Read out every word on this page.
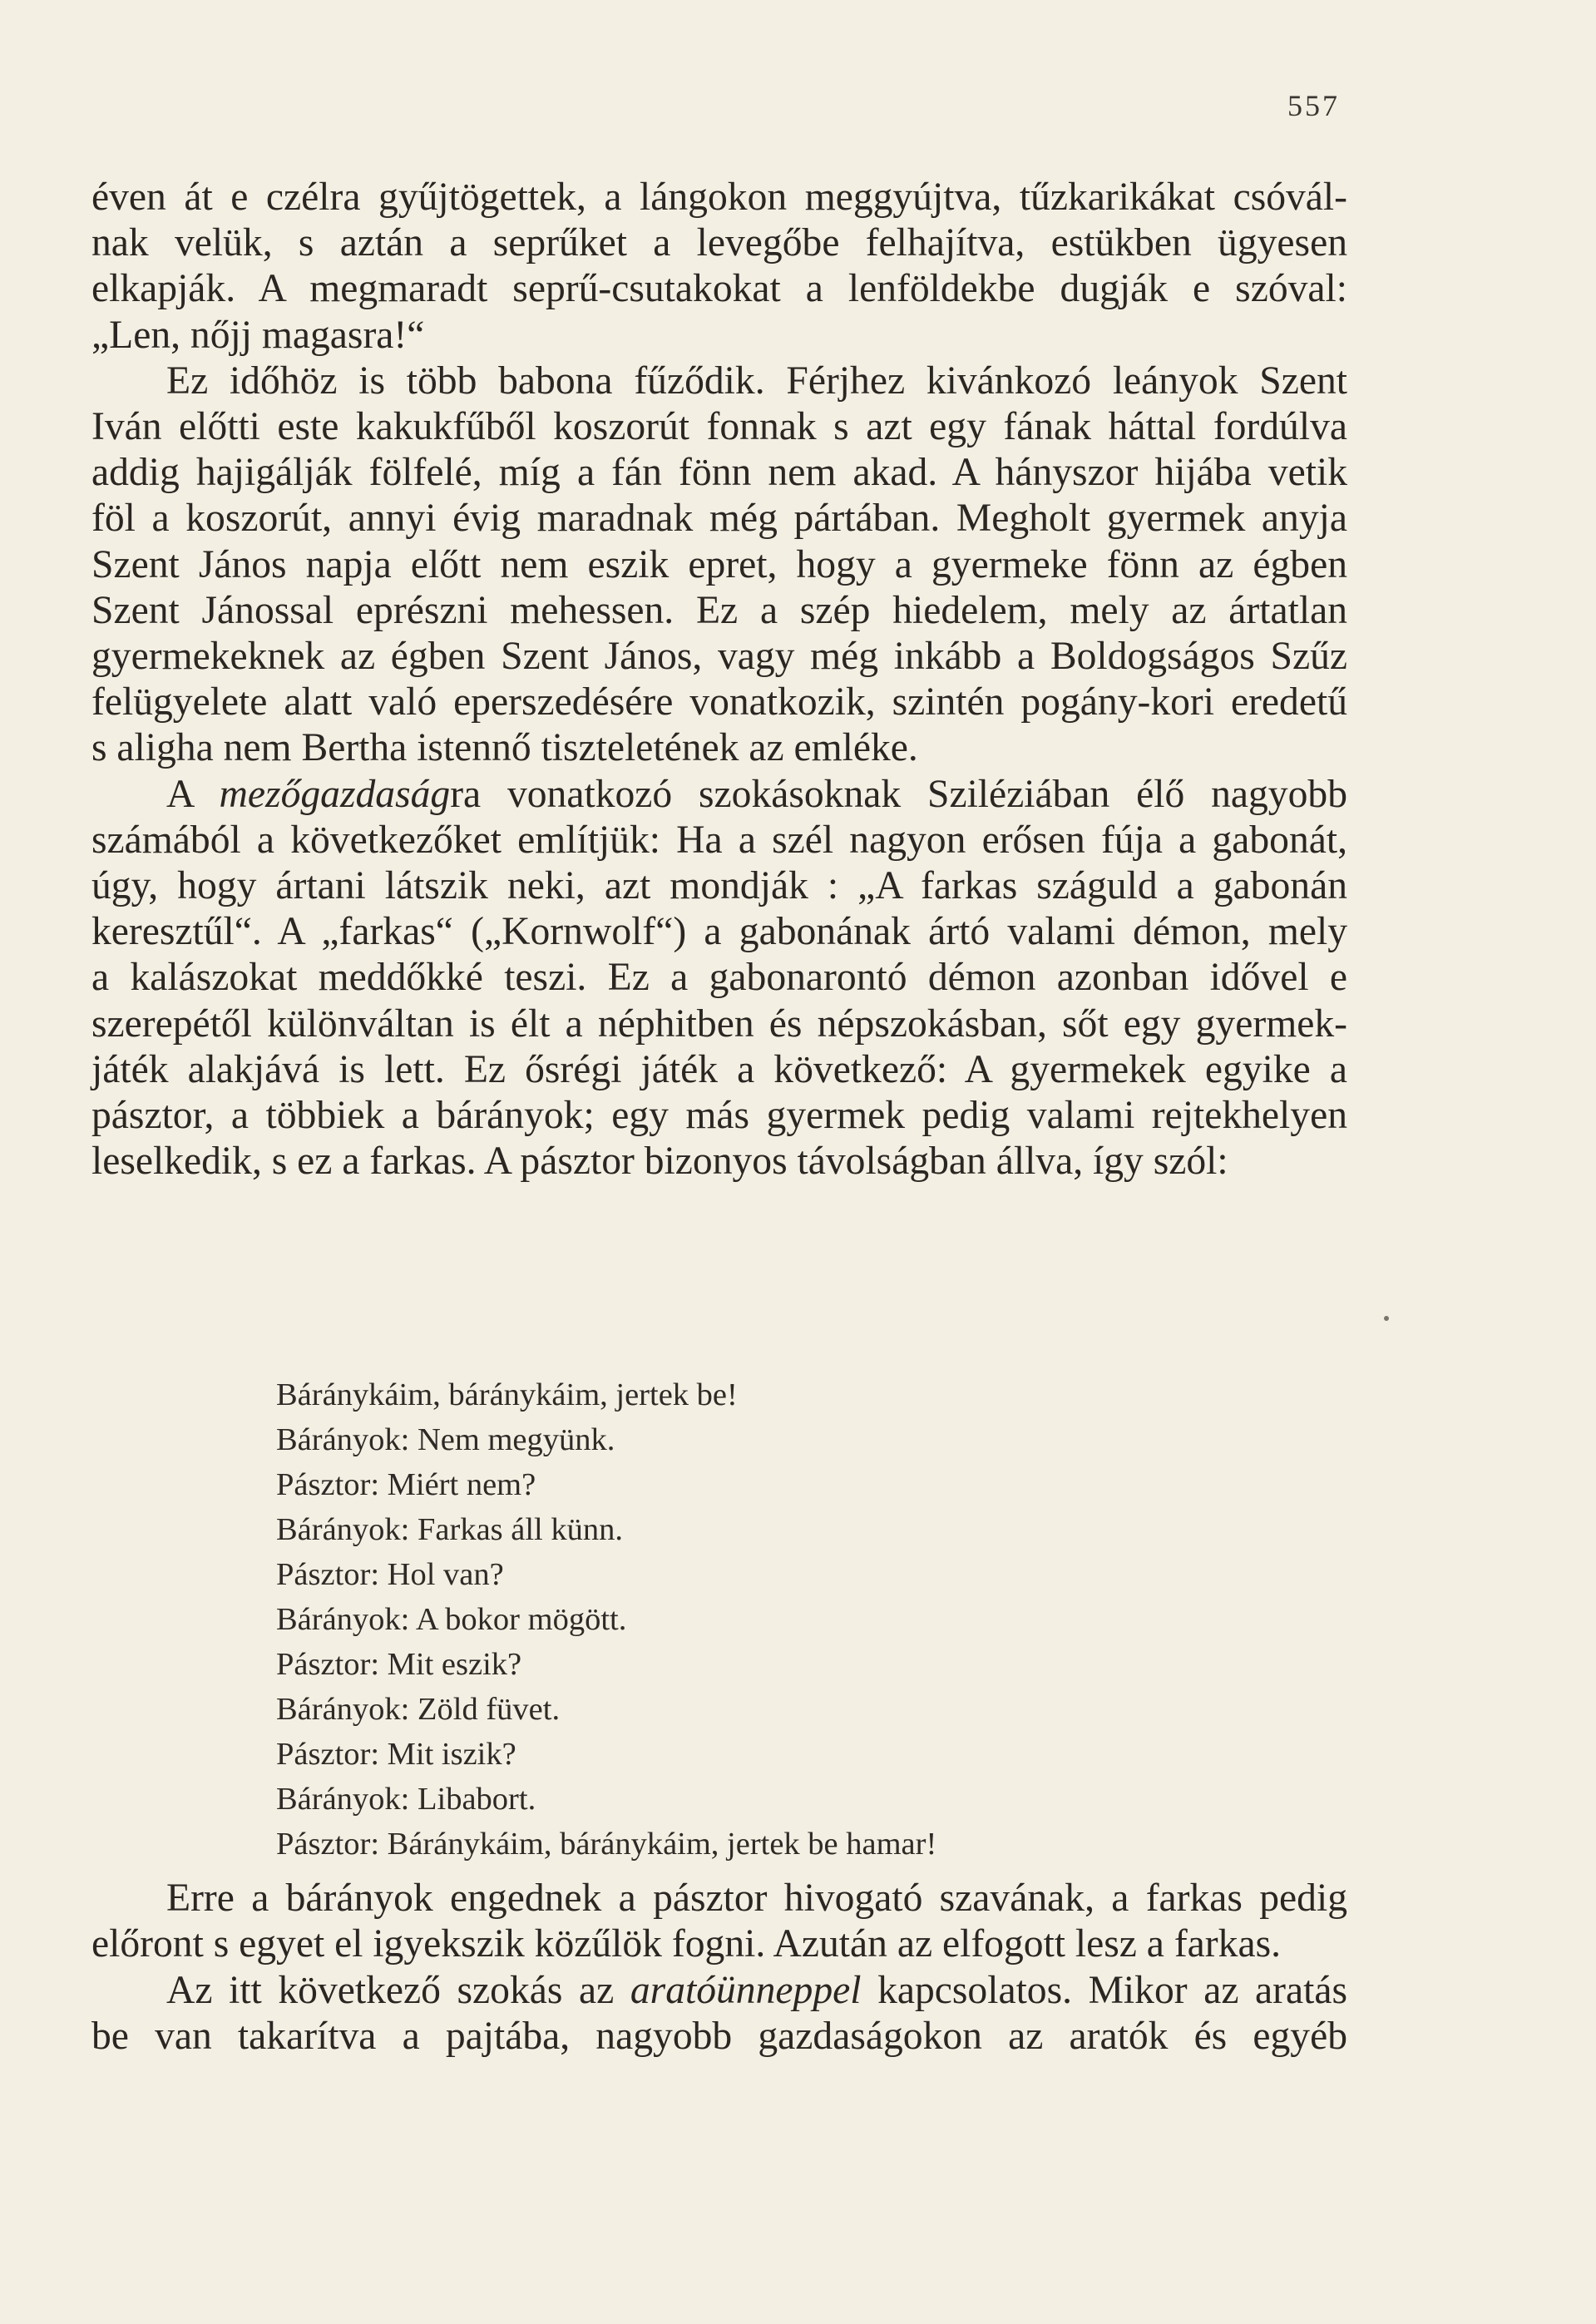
557

éven át e czélra gyűjtögettek, a lángokon meggyújtva, tűzkarikákat csóvál-

nak velük, s aztán a seprűket a levegőbe felhajítva, estükben ügyesen

elkapják. A megmaradt seprű-csutakokat a lenföldekbe dugják e szóval:

„Len, nőjj magasra!“

Ez időhöz is több babona fűződik. Férjhez kivánkozó leányok Szent

Iván előtti este kakukfűből koszorút fonnak s azt egy fának háttal fordúlva

addig hajigálják fölfelé, míg a fán fönn nem akad. A hányszor hijába vetik

föl a koszorút, annyi évig maradnak még pártában. Megholt gyermek anyja

Szent János napja előtt nem eszik epret, hogy a gyermeke fönn az égben

Szent Jánossal eprészni mehessen. Ez a szép hiedelem, mely az ártatlan

gyermekeknek az égben Szent János, vagy még inkább a Boldogságos Szűz

felügyelete alatt való eperszedésére vonatkozik, szintén pogány-kori eredetű

s aligha nem Bertha istennő tiszteletének az emléke.

A mezőgazdaságra vonatkozó szokásoknak Sziléziában élő nagyobb

számából a következőket említjük: Ha a szél nagyon erősen fúja a gabonát,

úgy, hogy ártani látszik neki, azt mondják : „A farkas száguld a gabonán

keresztűl“. A „farkas“ („Kornwolf“) a gabonának ártó valami démon, mely

a kalászokat meddőkké teszi. Ez a gabonarontó démon azonban idővel e

szerepétől különváltan is élt a néphitben és népszokásban, sőt egy gyermek-

játék alakjává is lett. Ez ősrégi játék a következő: A gyermekek egyike a

pásztor, a többiek a bárányok; egy más gyermek pedig valami rejtekhelyen

leselkedik, s ez a farkas. A pásztor bizonyos távolságban állva, így szól:

Báránykáim, báránykáim, jertek be!
Bárányok: Nem megyünk.
Pásztor: Miért nem?
Bárányok: Farkas áll künn.
Pásztor: Hol van?
Bárányok: A bokor mögött.
Pásztor: Mit eszik?
Bárányok: Zöld füvet.
Pásztor: Mit iszik?
Bárányok: Libabort.
Pásztor: Báránykáim, báránykáim, jertek be hamar!

Erre a bárányok engednek a pásztor hivogató szavának, a farkas pedig

előront s egyet el igyekszik közűlök fogni. Azután az elfogott lesz a farkas.

Az itt következő szokás az aratóünneppel kapcsolatos. Mikor az aratás

be van takarítva a pajtába, nagyobb gazdaságokon az aratók és egyéb
